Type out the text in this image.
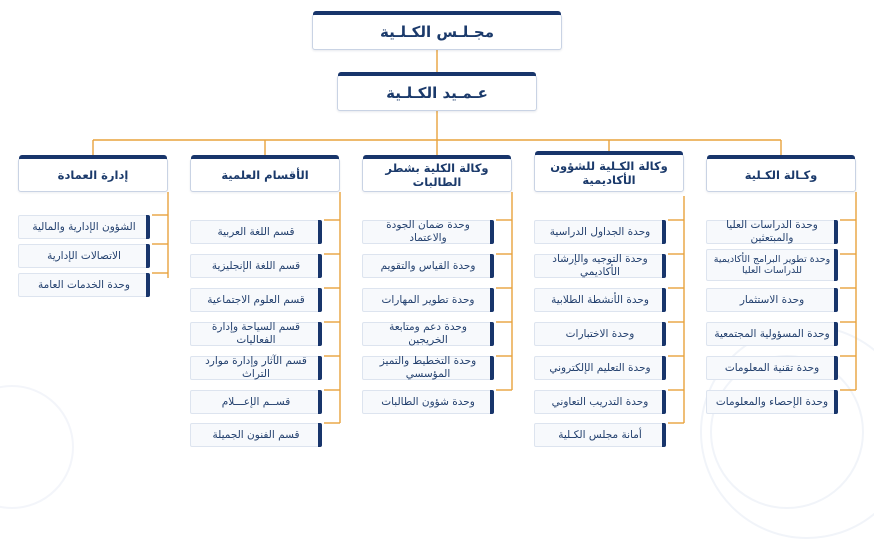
مجـلـس الكـلـية
عـمـيد الكـلـية
إدارة العمادة
الشؤون الإدارية والمالية
الاتصالات الإدارية
وحدة الخدمات العامة
الأقسام العلمية
قسم اللغة العربية
قسم اللغة الإنجليزية
قسم العلوم الاجتماعية
قسم السياحة وإدارة الفعاليات
قسم الآثار وإدارة موارد التراث
قســم الإعـــلام
قسم الفنون الجميلة
وكالة الكلية بشطر الطالبات
وحدة ضمان الجودة والاعتماد
وحدة القياس والتقويم
وحدة تطوير المهارات
وحدة دعم ومتابعة الخريجين
وحدة التخطيط والتميز المؤسسي
وحدة شؤون الطالبات
وكالة الكـلية للشؤون الأكاديمية
وحدة الجداول الدراسية
وحدة التوجيه والإرشاد الأكاديمي
وحدة الأنشطة الطلابية
وحدة الاختبارات
وحدة التعليم الإلكتروني
وحدة التدريب التعاوني
أمانة مجلس الكـلية
وكـالة الكـلية
وحدة الدراسات العليا والمبتعثين
وحدة تطوير البرامج الأكاديمية للدراسات العليا
وحدة الاستثمار
وحدة المسؤولية المجتمعية
وحدة تقنية المعلومات
وحدة الإحصاء والمعلومات
